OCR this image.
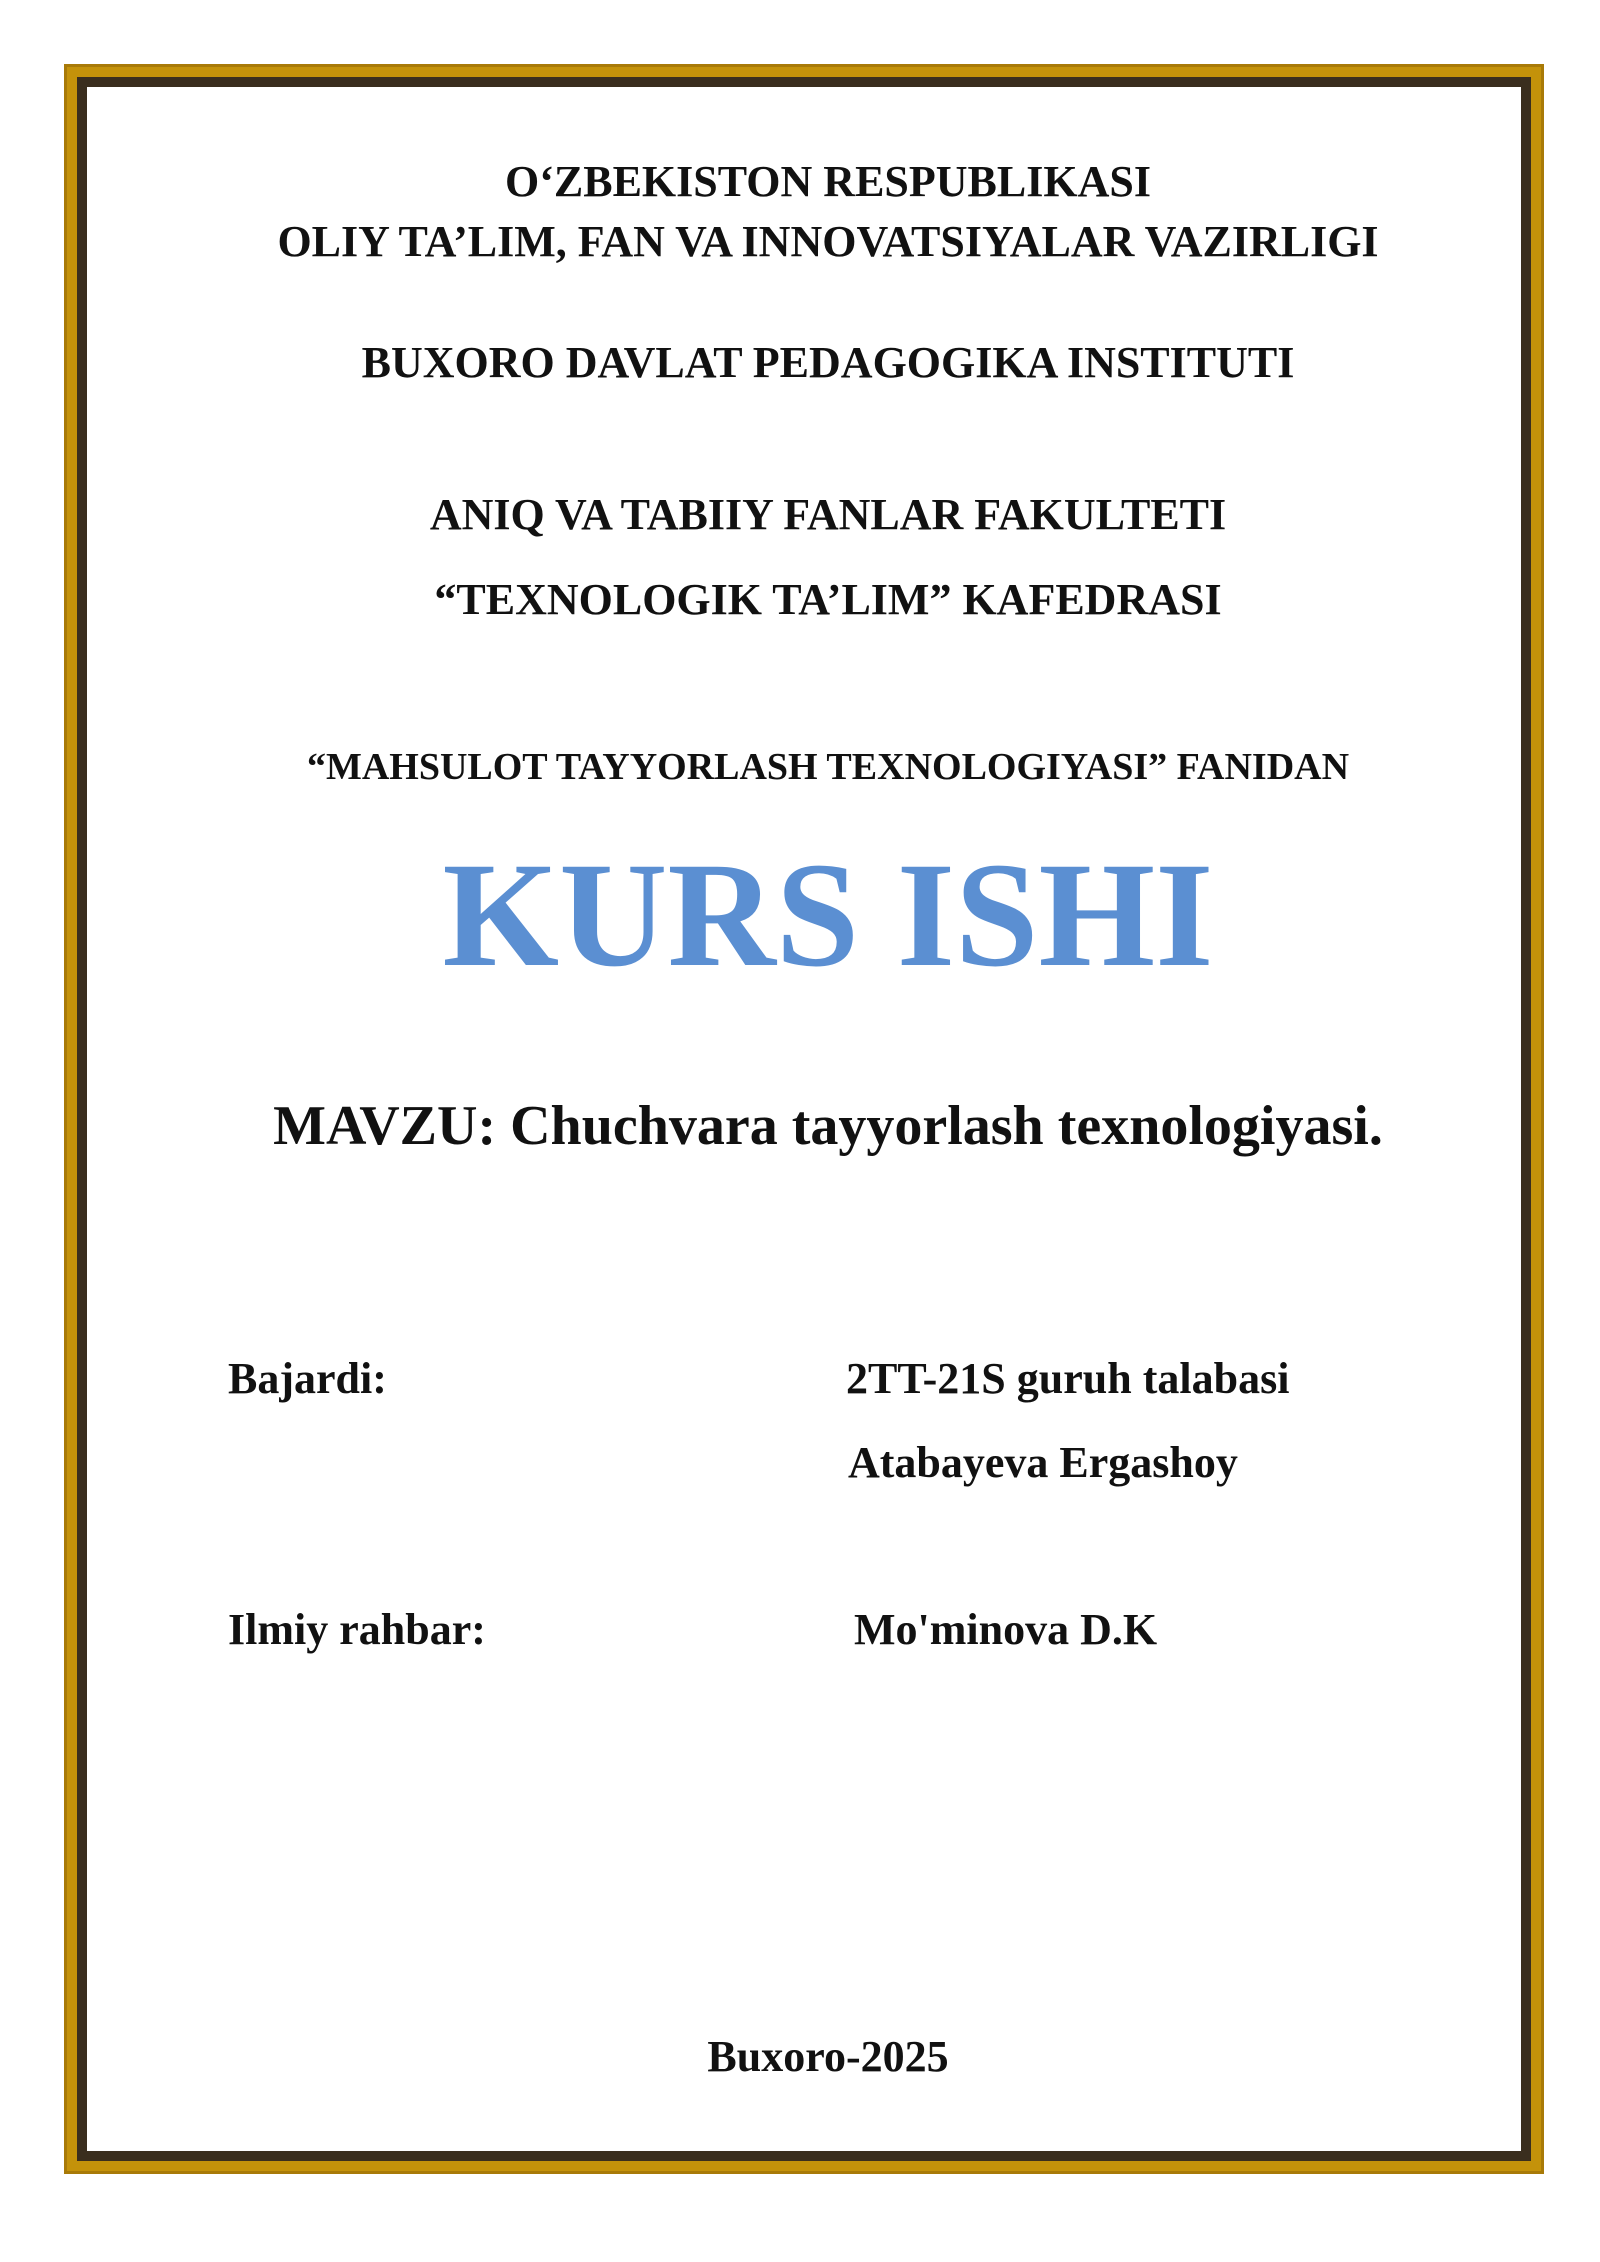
O‘ZBEKISTON RESPUBLIKASI
OLIY TA’LIM, FAN VA INNOVATSIYALAR VAZIRLIGI
BUXORO DAVLAT PEDAGOGIKA INSTITUTI
ANIQ VA TABIIY FANLAR FAKULTETI
“TEXNOLOGIK TA’LIM” KAFEDRASI
“MAHSULOT TAYYORLASH TEXNOLOGIYASI” FANIDAN
KURS ISHI
MAVZU: Chuchvara tayyorlash texnologiyasi.
Bajardi:	2TT-21S guruh talabasi
Atabayeva Ergashoy
Ilmiy rahbar:	Mo'minova D.K
Buxoro-2025
